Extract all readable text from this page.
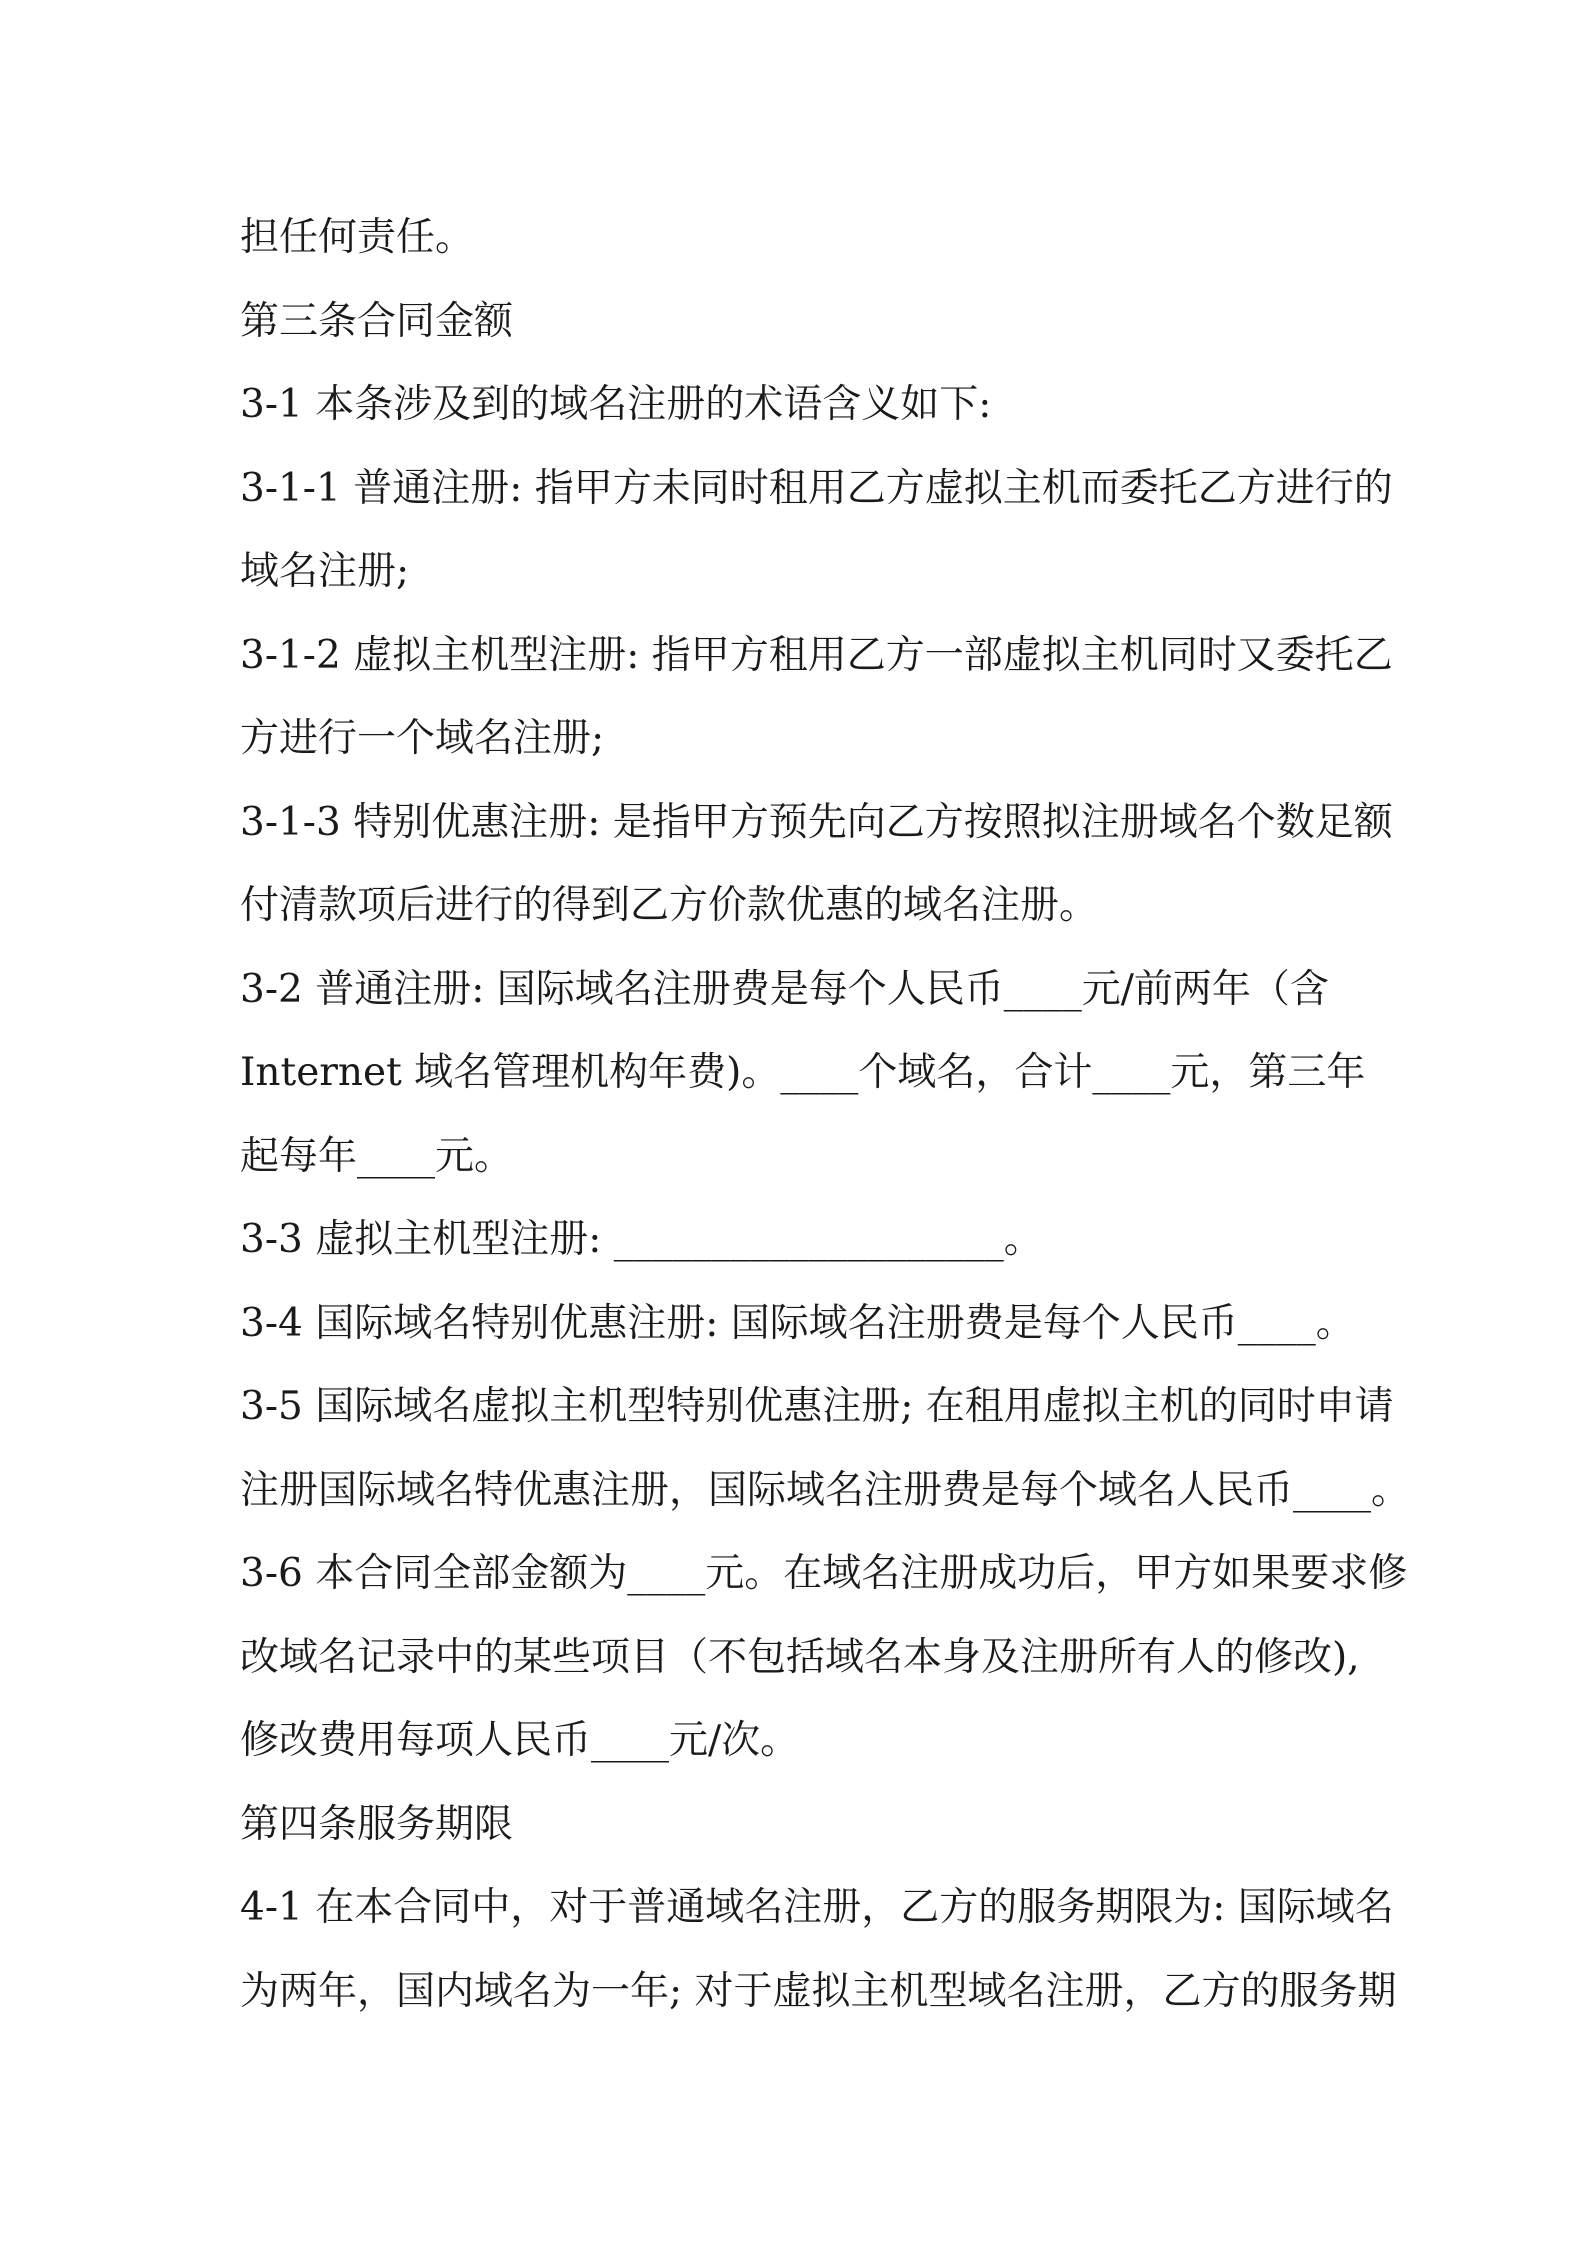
担任何责任。
第三条合同金额
3-1 本条涉及到的域名注册的术语含义如下:
3-1-1 普通注册: 指甲方未同时租用乙方虚拟主机而委托乙方进行的
域名注册;
3-1-2 虚拟主机型注册: 指甲方租用乙方一部虚拟主机同时又委托乙
方进行一个域名注册;
3-1-3 特别优惠注册: 是指甲方预先向乙方按照拟注册域名个数足额
付清款项后进行的得到乙方价款优惠的域名注册。
3-2 普通注册: 国际域名注册费是每个人民币____元/前两年（含
Internet 域名管理机构年费)。____个域名，合计____元，第三年
起每年____元。
3-3 虚拟主机型注册: ____________________。
3-4 国际域名特别优惠注册: 国际域名注册费是每个人民币____。
3-5 国际域名虚拟主机型特别优惠注册; 在租用虚拟主机的同时申请
注册国际域名特优惠注册，国际域名注册费是每个域名人民币____。
3-6 本合同全部金额为____元。在域名注册成功后，甲方如果要求修
改域名记录中的某些项目（不包括域名本身及注册所有人的修改),
修改费用每项人民币____元/次。
第四条服务期限
4-1 在本合同中，对于普通域名注册，乙方的服务期限为: 国际域名
为两年，国内域名为一年; 对于虚拟主机型域名注册，乙方的服务期
